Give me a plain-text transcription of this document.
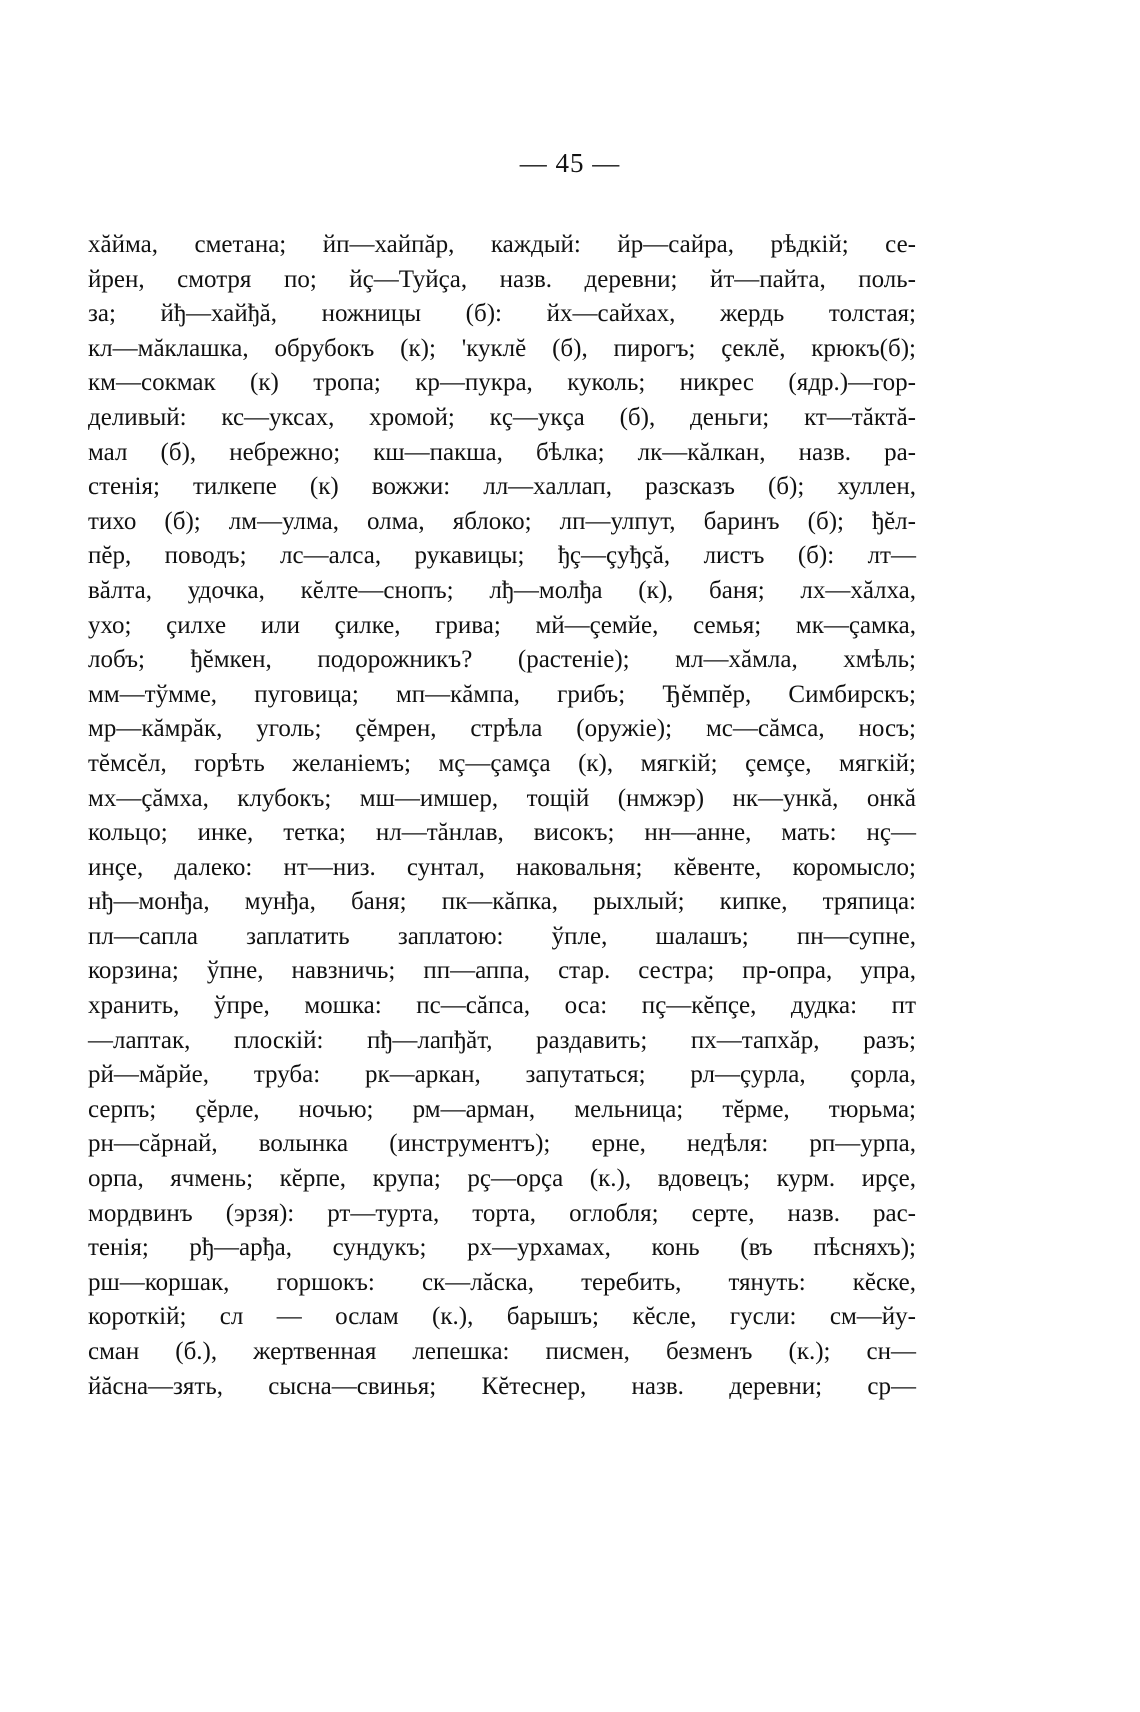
— 45 —
хăйма, сметана; йп—хайпăр, каждый: йр—сайра, рѣдкій; се-
йрен, смотря по; йç—Туйçа, назв. деревни; йт—пайта, поль-
за; йђ—хайђă, ножницы (б): йх—сайхах, жердь толстая;
кл—мăклашка, обрубокъ (к); 'куклĕ (б), пирогъ; çеклĕ, крюкъ(б);
км—сокмак (к) тропа; кр—пукра, куколь; никрес (ядр.)—гор-
деливый: кс—уксах, хромой; кç—укçа (б), деньги; кт—тăктă-
мал (б), небрежно; кш—пакша, бѣлка; лк—кăлкан, назв. ра-
стенія; тилкепе (к) вожжи: лл—халлап, разсказъ (б); хуллен,
тихо (б); лм—улма, олма, яблоко; лп—улпут, баринъ (б); ђĕл-
пĕр, поводъ; лс—алса, рукавицы; ђç—çуђçă, листъ (б): лт—
вăлта, удочка, кĕлте—снопъ; лђ—молђа (к), баня; лх—хăлха,
ухо; çилхе или çилке, грива; мй—çемйе, семья; мк—çамка,
лобъ; ђĕмкен, подорожникъ? (растеніе); мл—хăмла, хмѣль;
мм—тўмме, пуговица; мп—кăмпа, грибъ; Ђĕмпĕр, Симбирскъ;
мр—кăмрăк, уголь; çĕмрен, стрѣла (оружіе); мс—сăмса, носъ;
тĕмсĕл, горѣть желаніемъ; мç—çамçа (к), мягкій; çемçе, мягкій;
мх—çăмха, клубокъ; мш—имшер, тощій (нмжэр) нк—ункă, онкă
кольцо; инке, тетка; нл—тăнлав, високъ; нн—анне, мать: нç—
инçе, далеко: нт—низ. сунтал, наковальня; кĕвенте, коромысло;
нђ—монђа, мунђа, баня; пк—кăпка, рыхлый; кипке, тряпица:
пл—сапла заплатить заплатою: ўпле, шалашъ; пн—супне,
корзина; ўпне, навзничь; пп—аппа, стар. сестра; пр-опра, упра,
хранить, ўпре, мошка: пс—сăпса, оса: пç—кĕпçе, дудка: пт
—лаптак, плоскій: пђ—лапђăт, раздавить; пх—тапхăр, разъ;
рй—мăрйе, труба: рк—аркан, запутаться; рл—çурла, çорла,
серпъ; çĕрле, ночью; рм—арман, мельница; тĕрме, тюрьма;
рн—сăрнай, волынка (инструментъ); ерне, недѣля: рп—урпа,
орпа, ячмень; кĕрпе, крупа; рç—орçа (к.), вдовецъ; курм. ирçе,
мордвинъ (эрзя): рт—турта, торта, оглобля; серте, назв. рас-
тенія; рђ—арђа, сундукъ; рх—урхамах, конь (въ пѣсняхъ);
рш—коршак, горшокъ: ск—лăска, теребить, тянуть: кĕске,
короткій; сл — ослам (к.), барышъ; кĕсле, гусли: см—йу-
сман (б.), жертвенная лепешка: писмен, безменъ (к.); сн—
йăсна—зять, сысна—свинья; Кĕтеснер, назв. деревни; ср—
